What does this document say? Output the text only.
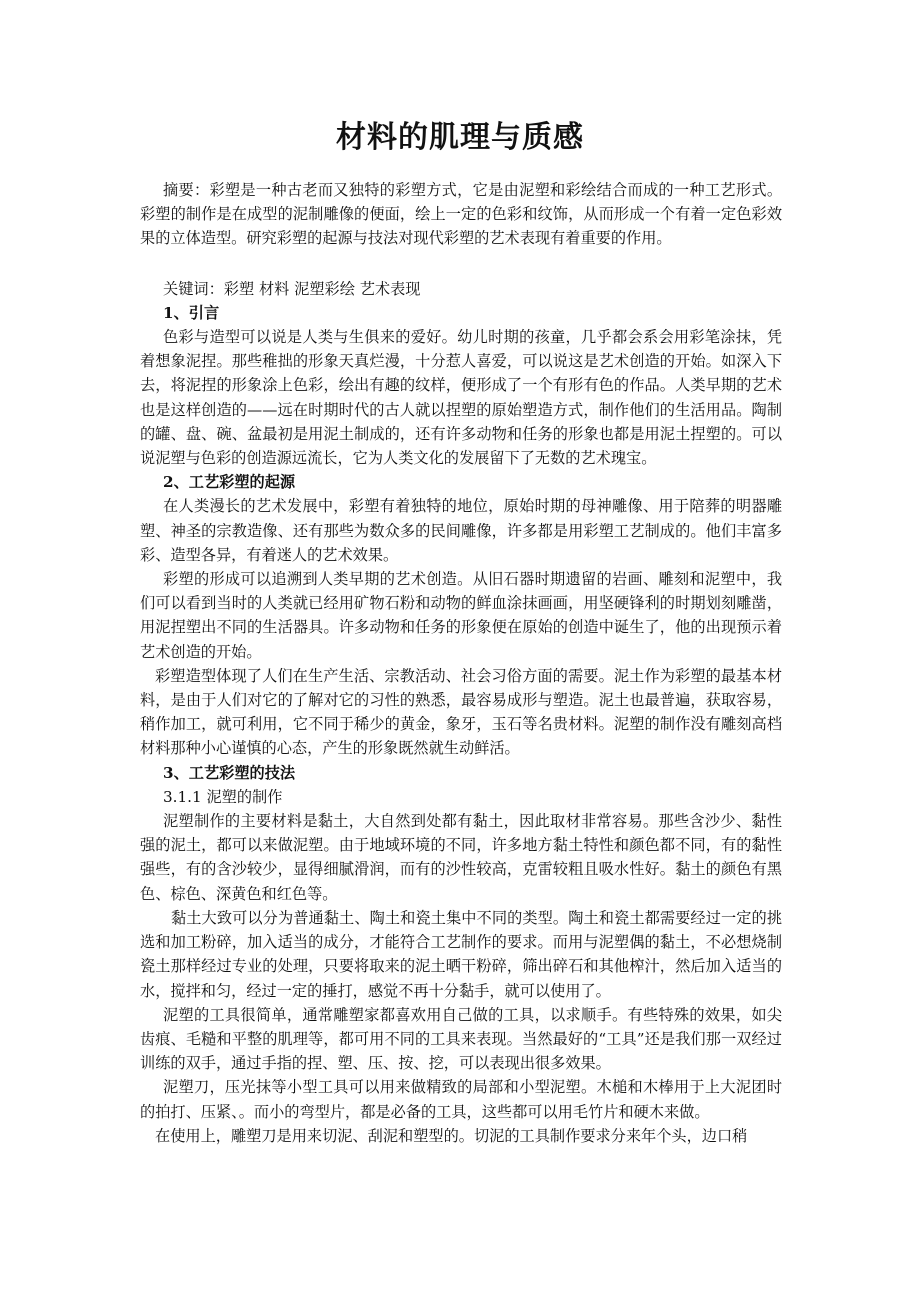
材料的肌理与质感

摘要：彩塑是一种古老而又独特的彩塑方式，它是由泥塑和彩绘结合而成的一种工艺形式。彩塑的制作是在成型的泥制雕像的便面，绘上一定的色彩和纹饰，从而形成一个有着一定色彩效果的立体造型。研究彩塑的起源与技法对现代彩塑的艺术表现有着重要的作用。

关键词：彩塑 材料 泥塑彩绘 艺术表现

1、引言

色彩与造型可以说是人类与生俱来的爱好。幼儿时期的孩童，几乎都会系会用彩笔涂抹，凭着想象泥捏。那些稚拙的形象天真烂漫，十分惹人喜爱，可以说这是艺术创造的开始。如深入下去，将泥捏的形象涂上色彩，绘出有趣的纹样，便形成了一个有形有色的作品。人类早期的艺术也是这样创造的——远在时期时代的古人就以捏塑的原始塑造方式，制作他们的生活用品。陶制的罐、盘、碗、盆最初是用泥土制成的，还有许多动物和任务的形象也都是用泥土捏塑的。可以说泥塑与色彩的创造源远流长，它为人类文化的发展留下了无数的艺术瑰宝。

2、工艺彩塑的起源

在人类漫长的艺术发展中，彩塑有着独特的地位，原始时期的母神雕像、用于陪葬的明器雕塑、神圣的宗教造像、还有那些为数众多的民间雕像，许多都是用彩塑工艺制成的。他们丰富多彩、造型各异，有着迷人的艺术效果。

彩塑的形成可以追溯到人类早期的艺术创造。从旧石器时期遗留的岩画、雕刻和泥塑中，我们可以看到当时的人类就已经用矿物石粉和动物的鲜血涂抹画画，用坚硬锋利的时期划刻雕凿，用泥捏塑出不同的生活器具。许多动物和任务的形象便在原始的创造中诞生了，他的出现预示着艺术创造的开始。

彩塑造型体现了人们在生产生活、宗教活动、社会习俗方面的需要。泥土作为彩塑的最基本材料，是由于人们对它的了解对它的习性的熟悉，最容易成形与塑造。泥土也最普遍，获取容易，稍作加工，就可利用，它不同于稀少的黄金，象牙，玉石等名贵材料。泥塑的制作没有雕刻高档材料那种小心谨慎的心态，产生的形象既然就生动鲜活。

3、工艺彩塑的技法

3.1.1 泥塑的制作

泥塑制作的主要材料是黏土，大自然到处都有黏土，因此取材非常容易。那些含沙少、黏性强的泥土，都可以来做泥塑。由于地域环境的不同，许多地方黏土特性和颜色都不同，有的黏性强些，有的含沙较少，显得细腻滑润，而有的沙性较高，克雷较粗且吸水性好。黏土的颜色有黑色、棕色、深黄色和红色等。

黏土大致可以分为普通黏土、陶土和瓷土集中不同的类型。陶土和瓷土都需要经过一定的挑选和加工粉碎，加入适当的成分，才能符合工艺制作的要求。而用与泥塑偶的黏土，不必想烧制瓷土那样经过专业的处理，只要将取来的泥土晒干粉碎，筛出碎石和其他榨汁，然后加入适当的水，搅拌和匀，经过一定的捶打，感觉不再十分黏手，就可以使用了。

泥塑的工具很简单，通常雕塑家都喜欢用自己做的工具，以求顺手。有些特殊的效果，如尖齿痕、毛糙和平整的肌理等，都可用不同的工具来表现。当然最好的“工具”还是我们那一双经过训练的双手，通过手指的捏、塑、压、按、挖，可以表现出很多效果。

泥塑刀，压光抹等小型工具可以用来做精致的局部和小型泥塑。木槌和木棒用于上大泥团时的拍打、压紧、。而小的弯型片，都是必备的工具，这些都可以用毛竹片和硬木来做。

在使用上，雕塑刀是用来切泥、刮泥和塑型的。切泥的工具制作要求分来年个头，边口稍
